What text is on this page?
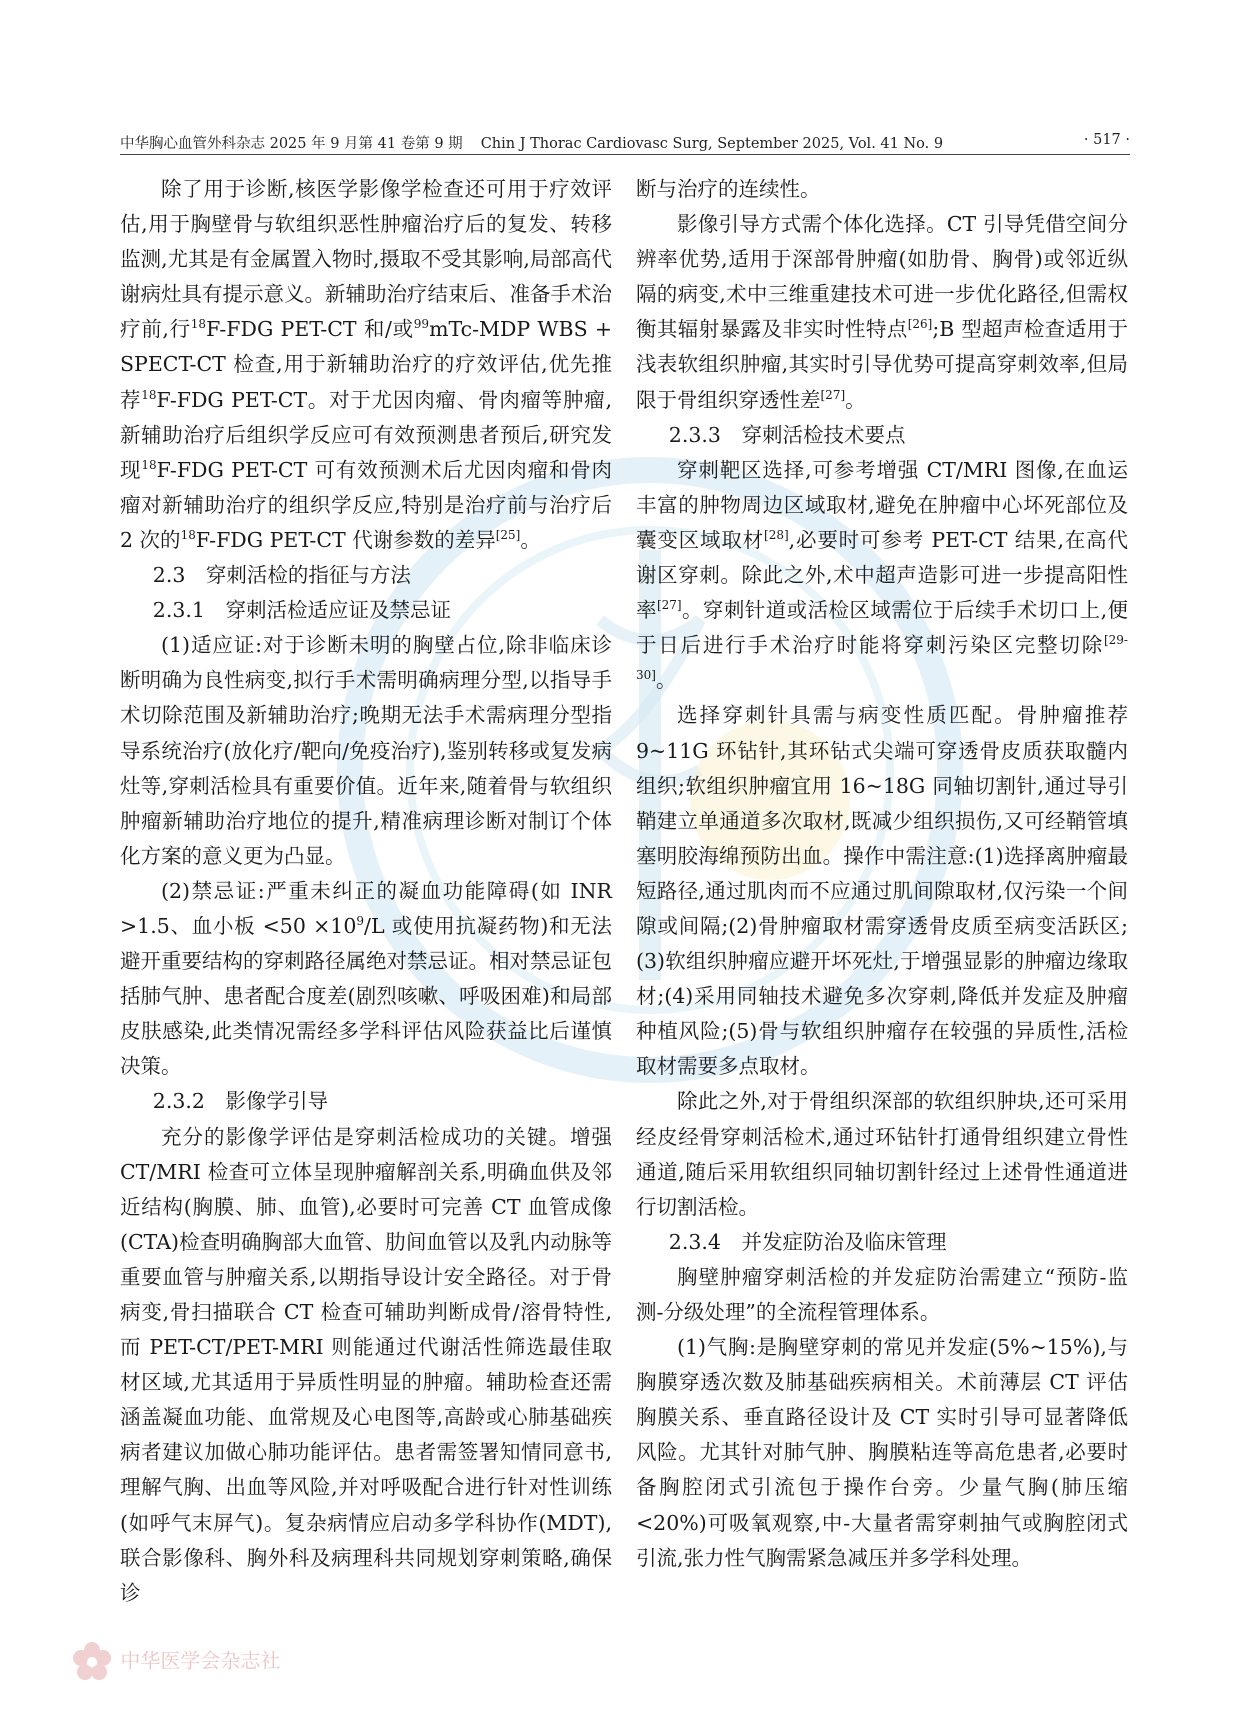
中华胸心血管外科杂志 2025 年 9 月第 41 卷第 9 期 Chin J Thorac Cardiovasc Surg, September 2025, Vol. 41 No. 9	· 517 ·

除了用于诊断,核医学影像学检查还可用于疗效评估,用于胸壁骨与软组织恶性肿瘤治疗后的复发、转移监测,尤其是有金属置入物时,摄取不受其影响,局部高代谢病灶具有提示意义。新辅助治疗结束后、准备手术治疗前,行$^{18}$F-FDG PET-CT 和/或$^{99}$mTc-MDP WBS + SPECT-CT 检查,用于新辅助治疗的疗效评估,优先推荐$^{18}$F-FDG PET-CT。对于尤因肉瘤、骨肉瘤等肿瘤,新辅助治疗后组织学反应可有效预测患者预后,研究发现$^{18}$F-FDG PET-CT 可有效预测术后尤因肉瘤和骨肉瘤对新辅助治疗的组织学反应,特别是治疗前与治疗后 2 次的$^{18}$F-FDG PET-CT 代谢参数的差异[25]。

2.3　穿刺活检的指征与方法

2.3.1　穿刺活检适应证及禁忌证

(1)适应证:对于诊断未明的胸壁占位,除非临床诊断明确为良性病变,拟行手术需明确病理分型,以指导手术切除范围及新辅助治疗;晚期无法手术需病理分型指导系统治疗(放化疗/靶向/免疫治疗),鉴别转移或复发病灶等,穿刺活检具有重要价值。近年来,随着骨与软组织肿瘤新辅助治疗地位的提升,精准病理诊断对制订个体化方案的意义更为凸显。

(2)禁忌证:严重未纠正的凝血功能障碍(如 INR >1.5、血小板 $<50 \times 10^9/L$ 或使用抗凝药物)和无法避开重要结构的穿刺路径属绝对禁忌证。相对禁忌证包括肺气肿、患者配合度差(剧烈咳嗽、呼吸困难)和局部皮肤感染,此类情况需经多学科评估风险获益比后谨慎决策。

2.3.2　影像学引导

充分的影像学评估是穿刺活检成功的关键。增强 CT/MRI 检查可立体呈现肿瘤解剖关系,明确血供及邻近结构(胸膜、肺、血管),必要时可完善 CT 血管成像(CTA)检查明确胸部大血管、肋间血管以及乳内动脉等重要血管与肿瘤关系,以期指导设计安全路径。对于骨病变,骨扫描联合 CT 检查可辅助判断成骨/溶骨特性,而 PET-CT/PET-MRI 则能通过代谢活性筛选最佳取材区域,尤其适用于异质性明显的肿瘤。辅助检查还需涵盖凝血功能、血常规及心电图等,高龄或心肺基础疾病者建议加做心肺功能评估。患者需签署知情同意书,理解气胸、出血等风险,并对呼吸配合进行针对性训练(如呼气末屏气)。复杂病情应启动多学科协作(MDT),联合影像科、胸外科及病理科共同规划穿刺策略,确保诊

断与治疗的连续性。

影像引导方式需个体化选择。CT 引导凭借空间分辨率优势,适用于深部骨肿瘤(如肋骨、胸骨)或邻近纵隔的病变,术中三维重建技术可进一步优化路径,但需权衡其辐射暴露及非实时性特点[26];B 型超声检查适用于浅表软组织肿瘤,其实时引导优势可提高穿刺效率,但局限于骨组织穿透性差[27]。

2.3.3　穿刺活检技术要点

穿刺靶区选择,可参考增强 CT/MRI 图像,在血运丰富的肿物周边区域取材,避免在肿瘤中心坏死部位及囊变区域取材[28],必要时可参考 PET-CT 结果,在高代谢区穿刺。除此之外,术中超声造影可进一步提高阳性率[27]。穿刺针道或活检区域需位于后续手术切口上,便于日后进行手术治疗时能将穿刺污染区完整切除[29-30]。

选择穿刺针具需与病变性质匹配。骨肿瘤推荐 9~11G 环钻针,其环钻式尖端可穿透骨皮质获取髓内组织;软组织肿瘤宜用 16~18G 同轴切割针,通过导引鞘建立单通道多次取材,既减少组织损伤,又可经鞘管填塞明胶海绵预防出血。操作中需注意:(1)选择离肿瘤最短路径,通过肌肉而不应通过肌间隙取材,仅污染一个间隙或间隔;(2)骨肿瘤取材需穿透骨皮质至病变活跃区;(3)软组织肿瘤应避开坏死灶,于增强显影的肿瘤边缘取材;(4)采用同轴技术避免多次穿刺,降低并发症及肿瘤种植风险;(5)骨与软组织肿瘤存在较强的异质性,活检取材需要多点取材。

除此之外,对于骨组织深部的软组织肿块,还可采用经皮经骨穿刺活检术,通过环钻针打通骨组织建立骨性通道,随后采用软组织同轴切割针经过上述骨性通道进行切割活检。

2.3.4　并发症防治及临床管理

胸壁肿瘤穿刺活检的并发症防治需建立“预防-监测-分级处理”的全流程管理体系。

(1)气胸:是胸壁穿刺的常见并发症(5%~15%),与胸膜穿透次数及肺基础疾病相关。术前薄层 CT 评估胸膜关系、垂直路径设计及 CT 实时引导可显著降低风险。尤其针对肺气肿、胸膜粘连等高危患者,必要时备胸腔闭式引流包于操作台旁。少量气胸(肺压缩 <20%)可吸氧观察,中-大量者需穿刺抽气或胸腔闭式引流,张力性气胸需紧急减压并多学科处理。

中华医学会杂志社
